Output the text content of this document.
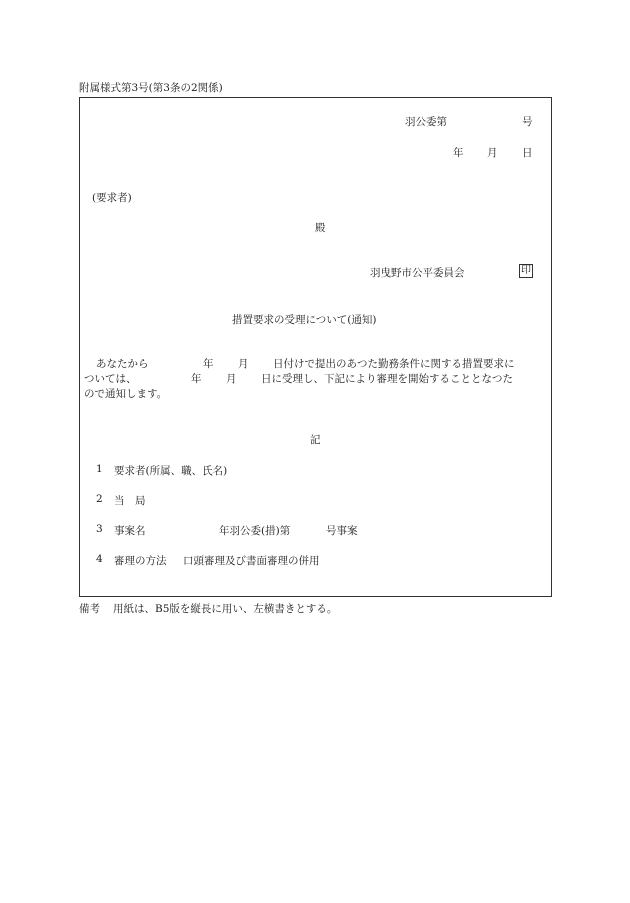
附属様式第3号(第3条の2関係)
羽公委第	号
年 月 日
(要求者)
殿
羽曳野市公平委員会	印
措置要求の受理について(通知)
あなたから	年 月 日付けで提出のあつた勤務条件に関する措置要求に
ついては、	年 月 日に受理し、下記により審理を開始することとなつた
ので通知します。
記
1 要求者(所属、職、氏名)
2 当　局
3 事案名	年羽公委(措)第	号事案
4 審理の方法 口頭審理及び書面審理の併用
備考 用紙は、B5版を縦長に用い、左横書きとする。
